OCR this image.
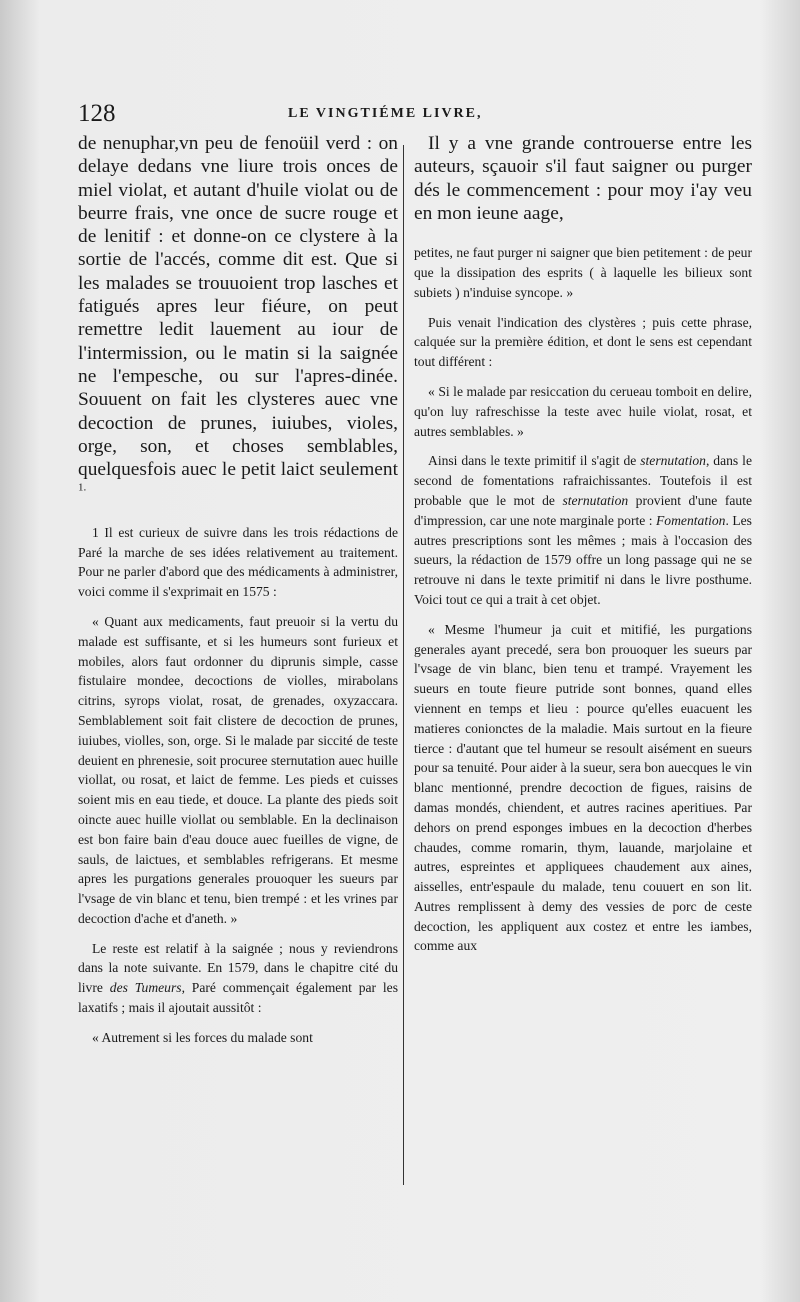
128	LE VINGTIÉME LIVRE,

de nenuphar,vn peu de fenoüil verd : on delaye dedans vne liure trois onces de miel violat, et autant d'huile violat ou de beurre frais, vne once de sucre rouge et de lenitif : et donne-on ce clystere à la sortie de l'accés, comme dit est. Que si les malades se trouuoient trop lasches et fatigués apres leur fiéure, on peut remettre ledit lauement au iour de l'intermission, ou le matin si la saignée ne l'empesche, ou sur l'apres-dinée. Souuent on fait les clysteres auec vne decoction de prunes, iuiubes, violes, orge, son, et choses semblables, quelquesfois auec le petit laict seulement $^{1.}$

1 Il est curieux de suivre dans les trois rédactions de Paré la marche de ses idées relativement au traitement. Pour ne parler d'abord que des médicaments à administrer, voici comme il s'exprimait en 1575 :

« Quant aux medicaments, faut preuoir si la vertu du malade est suffisante, et si les humeurs sont furieux et mobiles, alors faut ordonner du diprunis simple, casse fistulaire mondee, decoctions de violles, mirabolans citrins, syrops violat, rosat, de grenades, oxyzaccara. Semblablement soit fait clistere de decoction de prunes, iuiubes, violles, son, orge. Si le malade par siccité de teste deuient en phrenesie, soit procuree sternutation auec huille viollat, ou rosat, et laict de femme. Les pieds et cuisses soient mis en eau tiede, et douce. La plante des pieds soit oincte auec huille viollat ou semblable. En la declinaison est bon faire bain d'eau douce auec fueilles de vigne, de sauls, de laictues, et semblables refrigerans. Et mesme apres les purgations generales prouoquer les sueurs par l'vsage de vin blanc et tenu, bien trempé : et les vrines par decoction d'ache et d'aneth. »

Le reste est relatif à la saignée ; nous y reviendrons dans la note suivante. En 1579, dans le chapitre cité du livre des Tumeurs, Paré commençait également par les laxatifs ; mais il ajoutait aussitôt :

« Autrement si les forces du malade sont

Il y a vne grande controuerse entre les auteurs, sçauoir s'il faut saigner ou purger dés le commencement : pour moy i'ay veu en mon ieune aage,

petites, ne faut purger ni saigner que bien petitement : de peur que la dissipation des esprits ( à laquelle les bilieux sont subiets ) n'induise syncope. »

Puis venait l'indication des clystères ; puis cette phrase, calquée sur la première édition, et dont le sens est cependant tout différent :

« Si le malade par resiccation du cerueau tomboit en delire, qu'on luy rafreschisse la teste avec huile violat, rosat, et autres semblables. »

Ainsi dans le texte primitif il s'agit de sternutation, dans le second de fomentations rafraichissantes. Toutefois il est probable que le mot de sternutation provient d'une faute d'impression, car une note marginale porte : Fomentation. Les autres prescriptions sont les mêmes ; mais à l'occasion des sueurs, la rédaction de 1579 offre un long passage qui ne se retrouve ni dans le texte primitif ni dans le livre posthume. Voici tout ce qui a trait à cet objet.

« Mesme l'humeur ja cuit et mitifié, les purgations generales ayant precedé, sera bon prouoquer les sueurs par l'vsage de vin blanc, bien tenu et trampé. Vrayement les sueurs en toute fieure putride sont bonnes, quand elles viennent en temps et lieu : pource qu'elles euacuent les matieres conionctes de la maladie. Mais surtout en la fieure tierce : d'autant que tel humeur se resoult aisément en sueurs pour sa tenuité. Pour aider à la sueur, sera bon auecques le vin blanc mentionné, prendre decoction de figues, raisins de damas mondés, chiendent, et autres racines aperitiues. Par dehors on prend esponges imbues en la decoction d'herbes chaudes, comme romarin, thym, lauande, marjolaine et autres, espreintes et appliquees chaudement aux aines, aisselles, entr'espaule du malade, tenu couuert en son lit. Autres remplissent à demy des vessies de porc de ceste decoction, les appliquent aux costez et entre les iambes, comme aux
